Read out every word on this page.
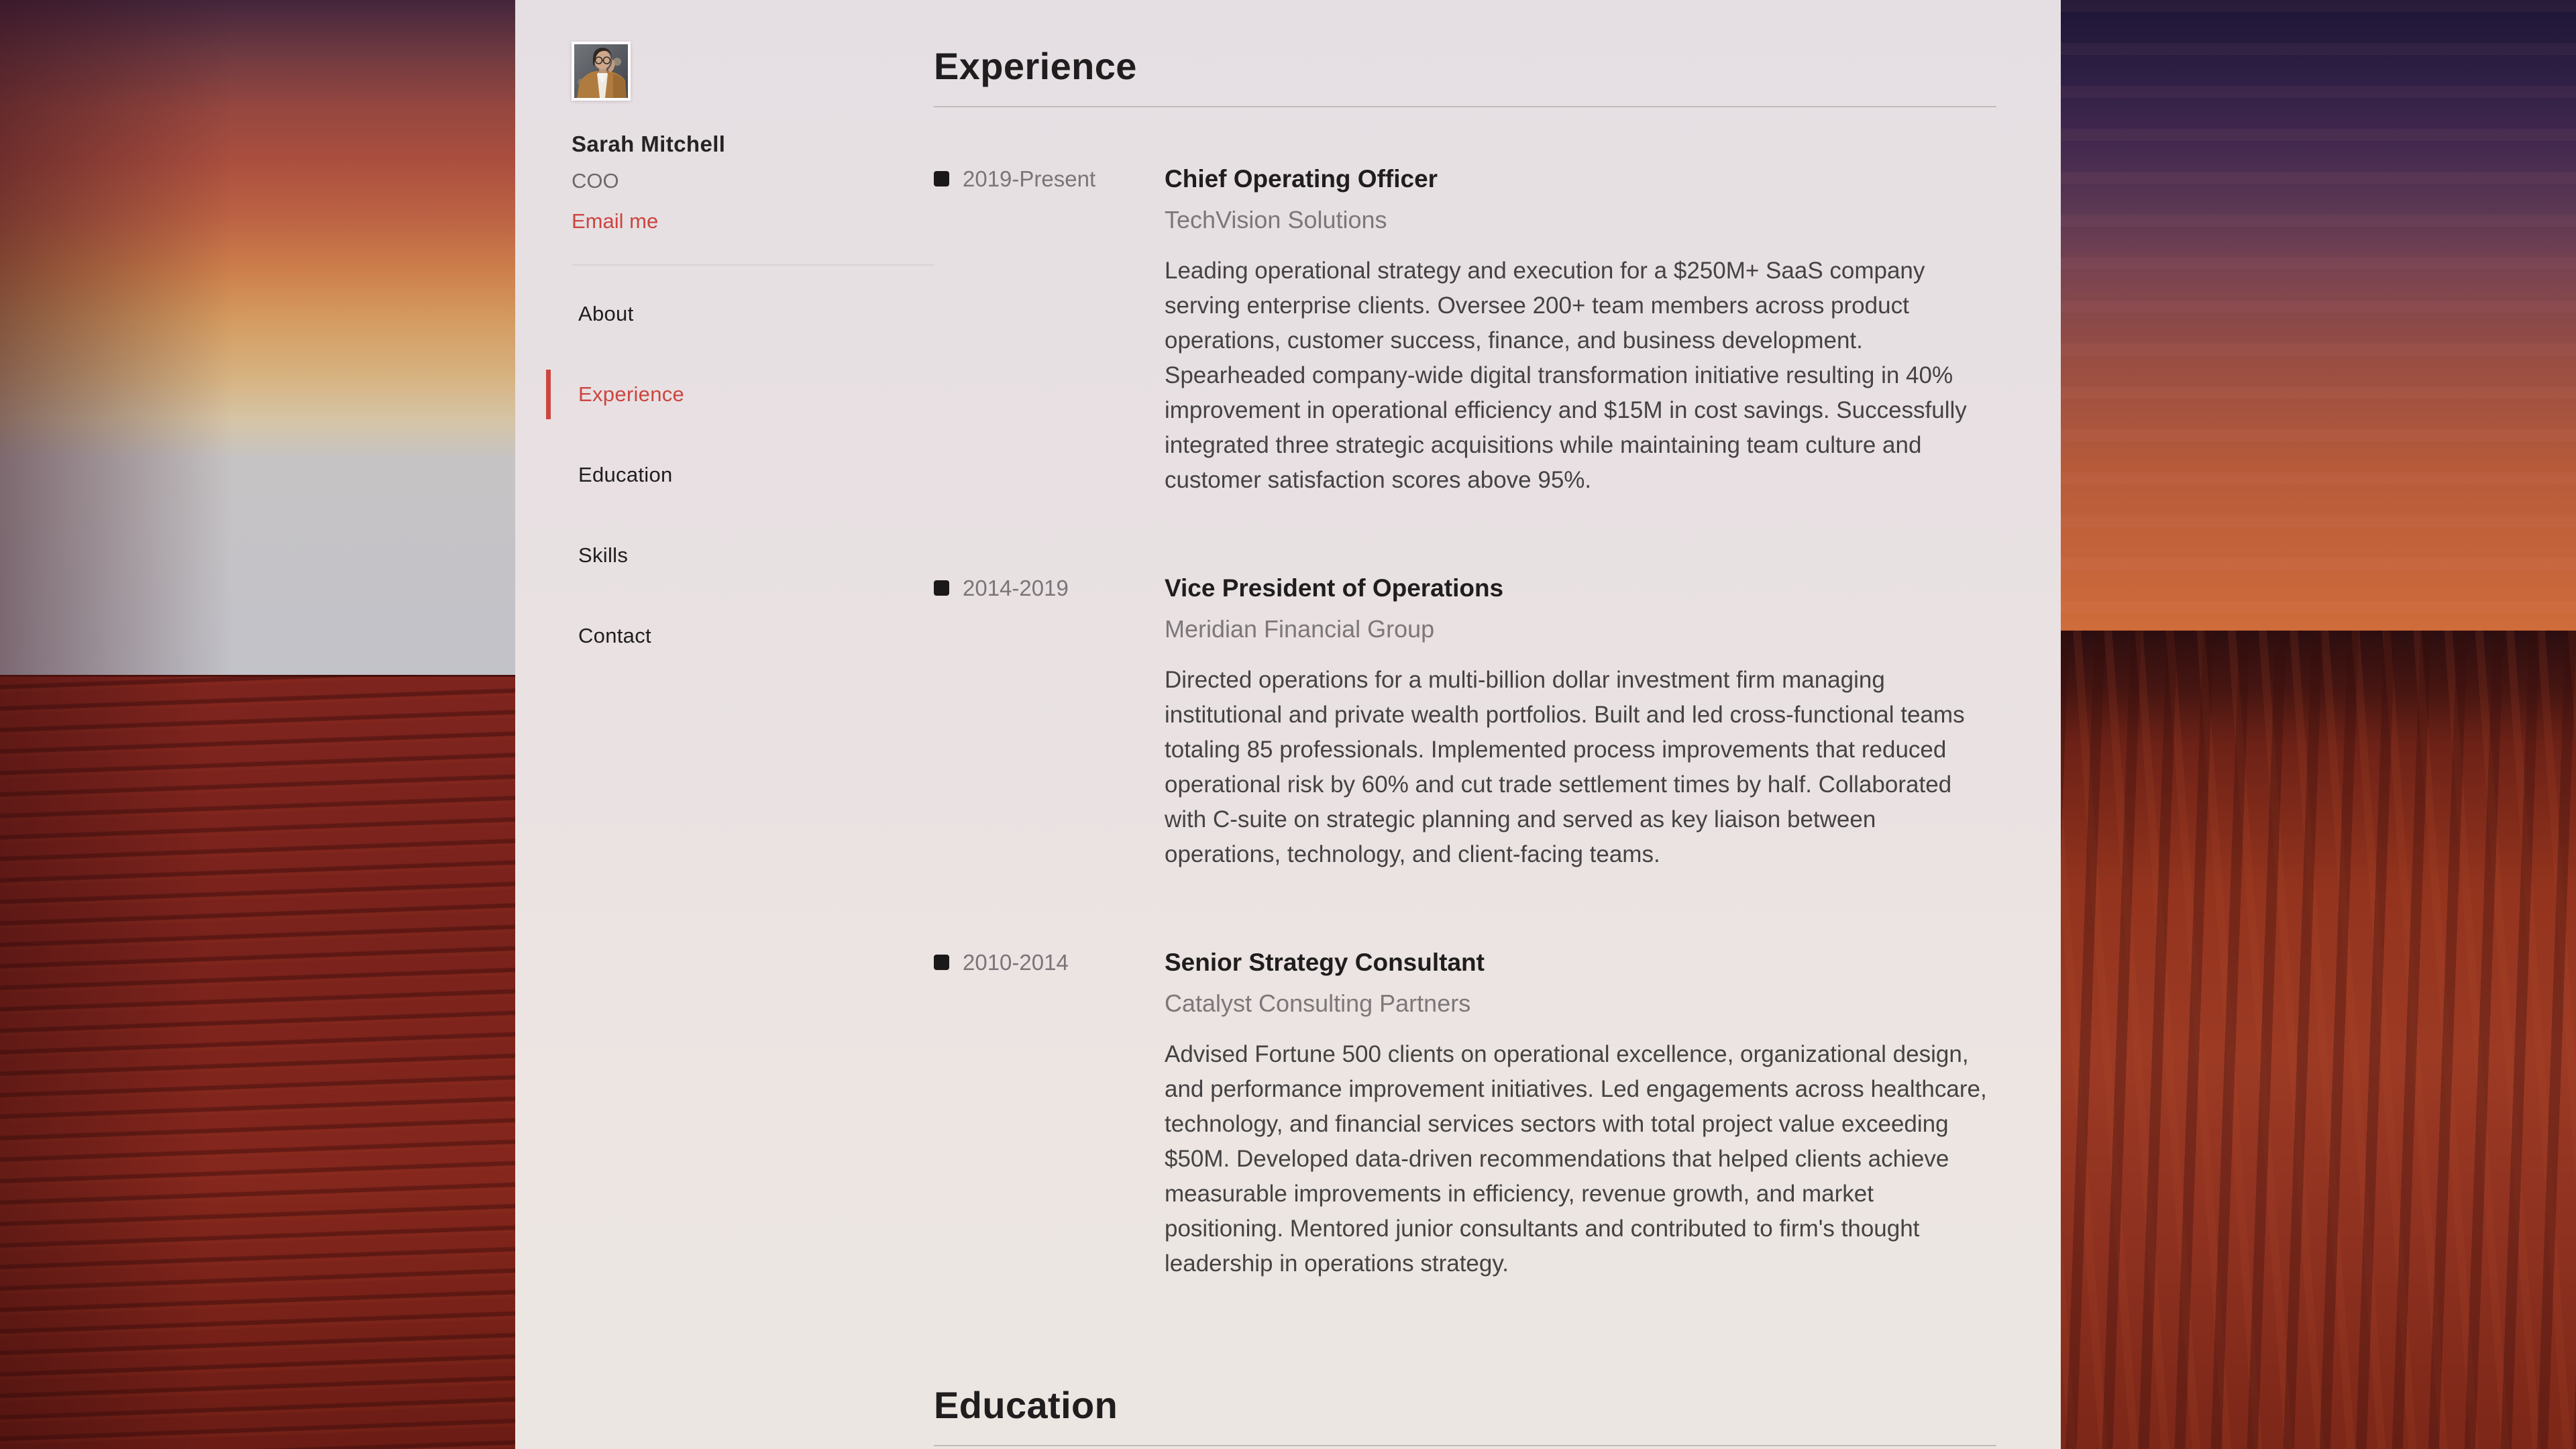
Sarah Mitchell
COO
Email me
About
Experience
Education
Skills
Contact
Experience
2019-Present	Chief Operating Officer
TechVision Solutions
Leading operational strategy and execution for a $250M+ SaaS company serving enterprise clients. Oversee 200+ team members across product operations, customer success, finance, and business development. Spearheaded company-wide digital transformation initiative resulting in 40% improvement in operational efficiency and $15M in cost savings. Successfully integrated three strategic acquisitions while maintaining team culture and customer satisfaction scores above 95%.
2014-2019	Vice President of Operations
Meridian Financial Group
Directed operations for a multi-billion dollar investment firm managing institutional and private wealth portfolios. Built and led cross-functional teams totaling 85 professionals. Implemented process improvements that reduced operational risk by 60% and cut trade settlement times by half. Collaborated with C-suite on strategic planning and served as key liaison between operations, technology, and client-facing teams.
2010-2014	Senior Strategy Consultant
Catalyst Consulting Partners
Advised Fortune 500 clients on operational excellence, organizational design, and performance improvement initiatives. Led engagements across healthcare, technology, and financial services sectors with total project value exceeding $50M. Developed data-driven recommendations that helped clients achieve measurable improvements in efficiency, revenue growth, and market positioning. Mentored junior consultants and contributed to firm's thought leadership in operations strategy.
Education
